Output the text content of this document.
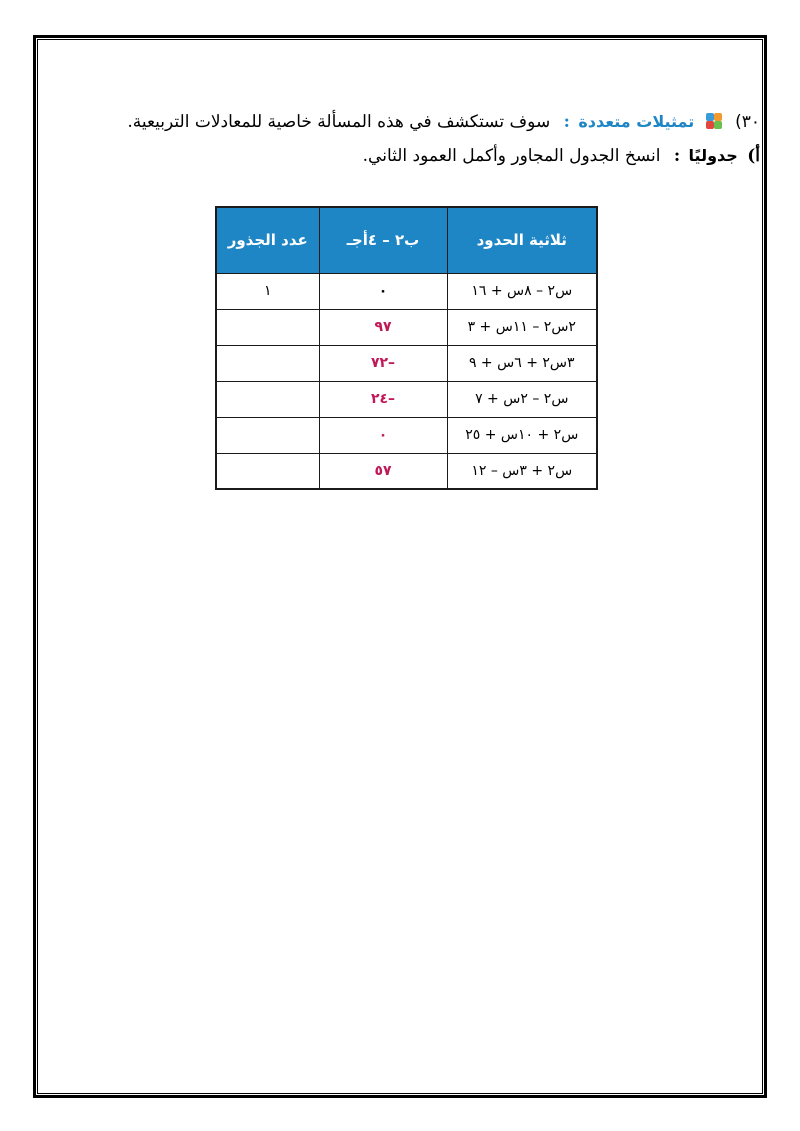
٣٠)
تمثيلات متعددة : سوف تستكشف في هذه المسألة خاصية للمعادلات التربيعية.
أ) جدوليًا : انسخ الجدول المجاور وأكمل العمود الثاني.
ثلاثية الحدود	ب٢ – ٤أجـ	عدد الجذور
س٢ – ٨س + ١٦	٠	١
٢س٢ – ١١س + ٣	٩٧	
٣س٢ + ٦س + ٩	–٧٢	
س٢ – ٢س + ٧	–٢٤	
س٢ + ١٠س + ٢٥	٠	
س٢ + ٣س – ١٢	٥٧	
